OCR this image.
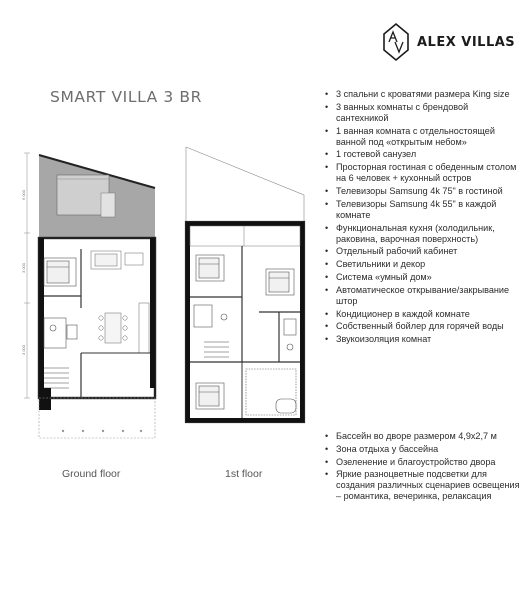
ALEX VILLAS
SMART VILLA 3 BR
6 000
3 000
3 000
Ground floor	1st floor
• 3 спальни с кроватями размера King size
• 3 ванных комнаты с брендовой сантехникой
• 1 ванная комната с отдельностоящей ванной под «открытым небом»
• 1 гостевой санузел
• Просторная гостиная с обеденным столом на 6 человек + кухонный остров
• Телевизоры Samsung 4k 75" в гостиной
• Телевизоры Samsung 4k 55" в каждой комнате
• Функциональная кухня (холодильник, раковина, варочная поверхность)
• Отдельный рабочий кабинет
• Светильники и декор
• Система «умный дом»
• Автоматическое открывание/закрывание штор
• Кондиционер в каждой комнате
• Собственный бойлер для горячей воды
• Звукоизоляция комнат
• Бассейн во дворе размером 4,9х2,7 м
• Зона отдыха у бассейна
• Озеленение и благоустройство двора
• Яркие разноцветные подсветки для создания различных сценариев освещения – романтика, вечеринка, релаксация
